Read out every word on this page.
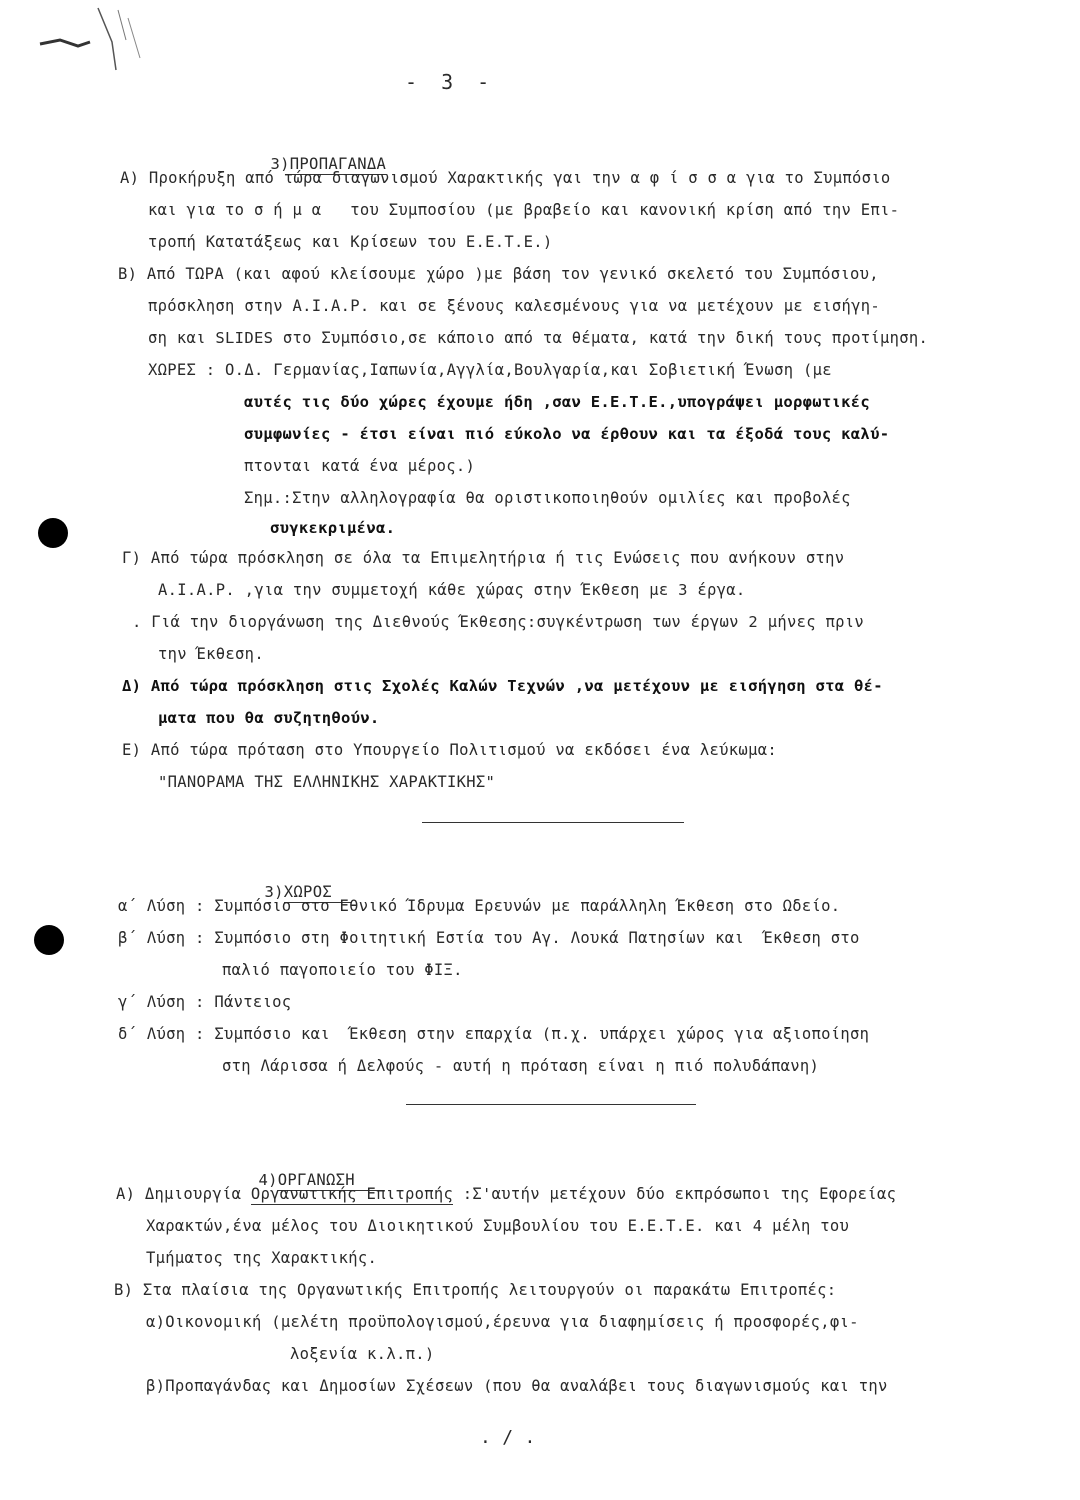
- 3 -

3)ΠΡΟΠΑΓΑΝΔΑ

Α) Προκήρυξη από τώρα διαγωνισμού Χαρακτικής γαι την α φ ί σ σ α για το Συμπόσιο
και για το σ ή μ α   του Συμποσίου (με βραβείο και κανονική κρίση από την Επι-
τροπή Κατατάξεως και Κρίσεων του Ε.Ε.Τ.Ε.)
Β) Από ΤΩΡΑ (και αφού κλείσουμε χώρο )με βάση τον γενικό σκελετό του Συμπόσιου,
πρόσκληση στην Α.Ι.Α.Ρ. και σε ξένους καλεσμένους για να μετέχουν με εισήγη-
ση και SLIDES στο Συμπόσιο,σε κάποιο από τα θέματα, κατά την δική τους προτίμηση.
ΧΩΡΕΣ : Ο.Δ. Γερμανίας,Ιαπωνία,Αγγλία,Βουλγαρία,και Σοβιετική Ένωση (με
αυτές τις δύο χώρες έχουμε ήδη ,σαν Ε.Ε.Τ.Ε.,υπογράψει μορφωτικές
συμφωνίες - έτσι είναι πιό εύκολο να έρθουν και τα έξοδά τους καλύ-
πτονται κατά ένα μέρος.)
Σημ.:Στην αλληλογραφία θα οριστικοποιηθούν ομιλίες και προβολές
συγκεκριμένα.
Γ) Από τώρα πρόσκληση σε όλα τα Επιμελητήρια ή τις Ενώσεις που ανήκουν στην
Α.Ι.Α.Ρ. ,για την συμμετοχή κάθε χώρας στην Έκθεση με 3 έργα.
. Γιά την διοργάνωση της Διεθνούς Έκθεσης:συγκέντρωση των έργων 2 μήνες πριν
την Έκθεση.
Δ) Από τώρα πρόσκληση στις Σχολές Καλών Τεχνών ,να μετέχουν με εισήγηση στα θέ-
ματα που θα συζητηθούν.
Ε) Από τώρα πρόταση στο Υπουργείο Πολιτισμού να εκδόσει ένα λεύκωμα:
"ΠΑΝΟΡΑΜΑ ΤΗΣ ΕΛΛΗΝΙΚΗΣ ΧΑΡΑΚΤΙΚΗΣ"

3)ΧΩΡΟΣ

α΄ Λύση : Συμπόσιο στο Εθνικό Ίδρυμα Ερευνών με παράλληλη Έκθεση στο Ωδείο.
β΄ Λύση : Συμπόσιο στη Φοιτητική Εστία του Αγ. Λουκά Πατησίων και  Έκθεση στο
παλιό παγοποιείο του ΦΙΞ.
γ΄ Λύση : Πάντειος
δ΄ Λύση : Συμπόσιο και  Έκθεση στην επαρχία (π.χ. υπάρχει χώρος για αξιοποίηση
στη Λάρισσα ή Δελφούς - αυτή η πρόταση είναι η πιό πολυδάπανη)

4)ΟΡΓΑΝΩΣΗ

Α) Δημιουργία Οργανωτικής Επιτροπής :Σ'αυτήν μετέχουν δύο εκπρόσωποι της Εφορείας
Χαρακτών,ένα μέλος του Διοικητικού Συμβουλίου του Ε.Ε.Τ.Ε. και 4 μέλη του
Τμήματος της Χαρακτικής.
Β) Στα πλαίσια της Οργανωτικής Επιτροπής λειτουργούν οι παρακάτω Επιτροπές:
α)Οικονομική (μελέτη προϋπολογισμού,έρευνα για διαφημίσεις ή προσφορές,φι-
λοξενία κ.λ.π.)
β)Προπαγάνδας και Δημοσίων Σχέσεων (που θα αναλάβει τους διαγωνισμούς και την
. / .
